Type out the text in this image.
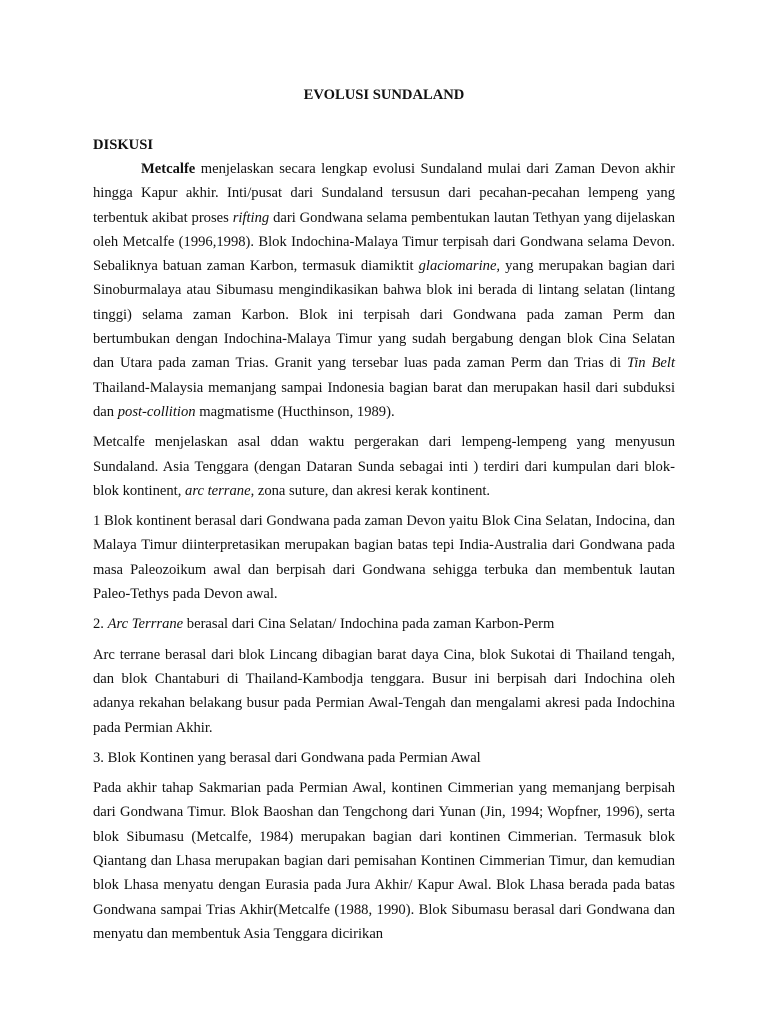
EVOLUSI SUNDALAND
DISKUSI

Metcalfe menjelaskan secara lengkap evolusi Sundaland mulai dari Zaman Devon akhir hingga Kapur akhir. Inti/pusat dari Sundaland tersusun dari pecahan-pecahan lempeng yang terbentuk akibat proses rifting dari Gondwana selama pembentukan lautan Tethyan yang dijelaskan oleh Metcalfe (1996,1998). Blok Indochina-Malaya Timur terpisah dari Gondwana selama Devon. Sebaliknya batuan zaman Karbon, termasuk diamiktit glaciomarine, yang merupakan bagian dari Sinoburmalaya atau Sibumasu mengindikasikan bahwa blok ini berada di lintang selatan (lintang tinggi) selama zaman Karbon. Blok ini terpisah dari Gondwana pada zaman Perm dan bertumbukan dengan Indochina-Malaya Timur yang sudah bergabung dengan blok Cina Selatan dan Utara pada zaman Trias. Granit yang tersebar luas pada zaman Perm dan Trias di Tin Belt Thailand-Malaysia memanjang sampai Indonesia bagian barat dan merupakan hasil dari subduksi dan post-collition magmatisme (Hucthinson, 1989).

Metcalfe menjelaskan asal ddan waktu pergerakan dari lempeng-lempeng yang menyusun Sundaland. Asia Tenggara (dengan Dataran Sunda sebagai inti ) terdiri dari kumpulan dari blok-blok kontinent, arc terrane, zona suture, dan akresi kerak kontinent.

1 Blok kontinent berasal dari Gondwana pada zaman Devon yaitu Blok Cina Selatan, Indocina, dan Malaya Timur diinterpretasikan merupakan bagian batas tepi India-Australia dari Gondwana pada masa Paleozoikum awal dan berpisah dari Gondwana sehigga terbuka dan membentuk lautan Paleo-Tethys pada Devon awal.

2. Arc Terrrane berasal dari Cina Selatan/ Indochina pada zaman Karbon-Perm

Arc terrane berasal dari blok Lincang dibagian barat daya Cina, blok Sukotai di Thailand tengah, dan blok Chantaburi di Thailand-Kambodja tenggara. Busur ini berpisah dari Indochina oleh adanya rekahan belakang busur pada Permian Awal-Tengah dan mengalami akresi pada Indochina pada Permian Akhir.

3. Blok Kontinen yang berasal dari Gondwana pada Permian Awal

Pada akhir tahap Sakmarian pada Permian Awal, kontinen Cimmerian yang memanjang berpisah dari Gondwana Timur. Blok Baoshan dan Tengchong dari Yunan (Jin, 1994; Wopfner, 1996), serta blok Sibumasu (Metcalfe, 1984) merupakan bagian dari kontinen Cimmerian. Termasuk blok Qiantang dan Lhasa merupakan bagian dari pemisahan Kontinen Cimmerian Timur, dan kemudian blok Lhasa menyatu dengan Eurasia pada Jura Akhir/ Kapur Awal. Blok Lhasa berada pada batas Gondwana sampai Trias Akhir(Metcalfe (1988, 1990). Blok Sibumasu berasal dari Gondwana dan menyatu dan membentuk Asia Tenggara dicirikan
